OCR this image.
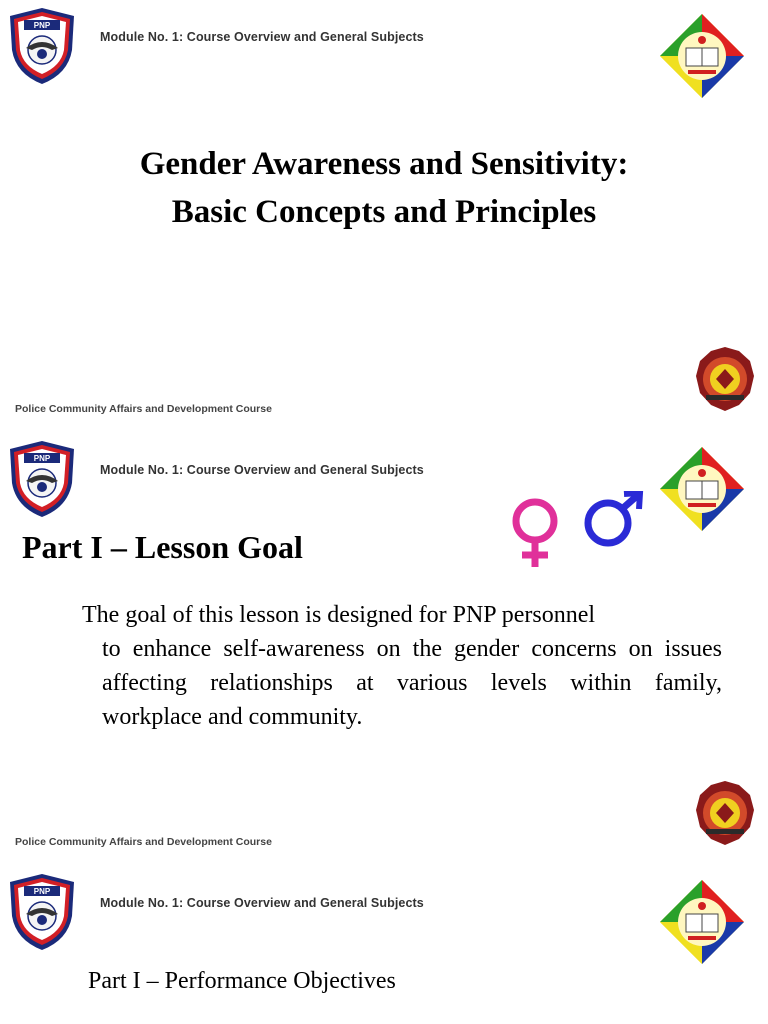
PNP
Module No. 1: Course Overview and General Subjects
Gender Awareness and Sensitivity:
Basic Concepts and Principles
Police Community Affairs and Development Course
PNP
Module No. 1: Course Overview and General Subjects
Part I – Lesson Goal
The goal of this lesson is designed for PNP personnel
to enhance self-awareness on the gender concerns on issues affecting relationships at various levels within family, workplace and community.
Police Community Affairs and Development Course
PNP
Module No. 1: Course Overview and General Subjects
Part I – Performance Objectives
